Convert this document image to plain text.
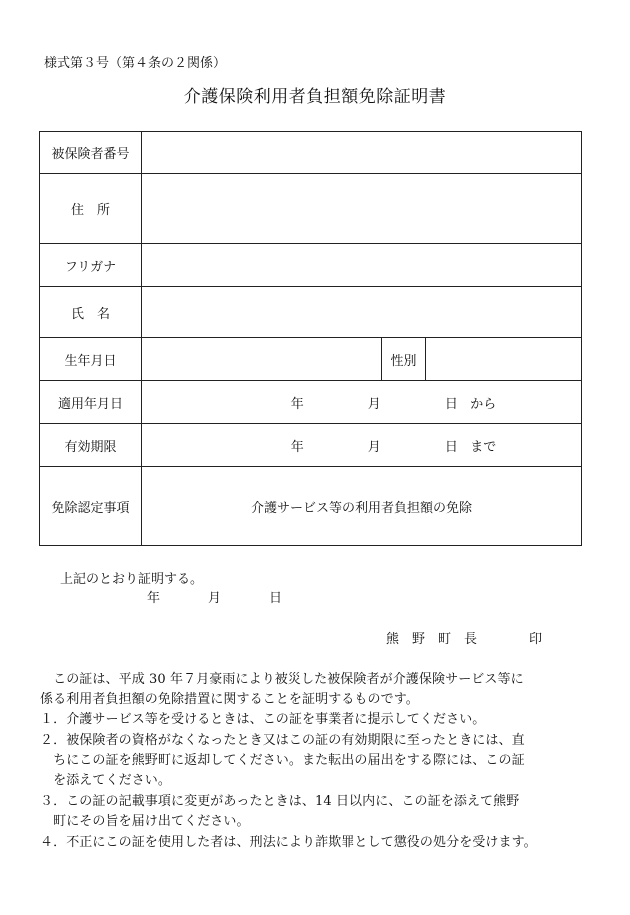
様式第３号（第４条の２関係）
介護保険利用者負担額免除証明書
被保険者番号			
住　所			
フリガナ			
氏　名			
生年月日		性別	
適用年月日	年 月 日 から		
有効期限	年 月 日 まで		
免除認定事項	介護サービス等の利用者負担額の免除		
上記のとおり証明する。
年	月	日
熊　野　町　長	印
　この証は、平成 30 年７月豪雨により被災した被保険者が介護保険サービス等に
係る利用者負担額の免除措置に関することを証明するものです。
１．介護サービス等を受けるときは、この証を事業者に提示してください。
２．被保険者の資格がなくなったとき又はこの証の有効期限に至ったときには、直
　ちにこの証を熊野町に返却してください。また転出の届出をする際には、この証
　を添えてください。
３．この証の記載事項に変更があったときは、14 日以内に、この証を添えて熊野
　町にその旨を届け出てください。
４．不正にこの証を使用した者は、刑法により詐欺罪として懲役の処分を受けます。
